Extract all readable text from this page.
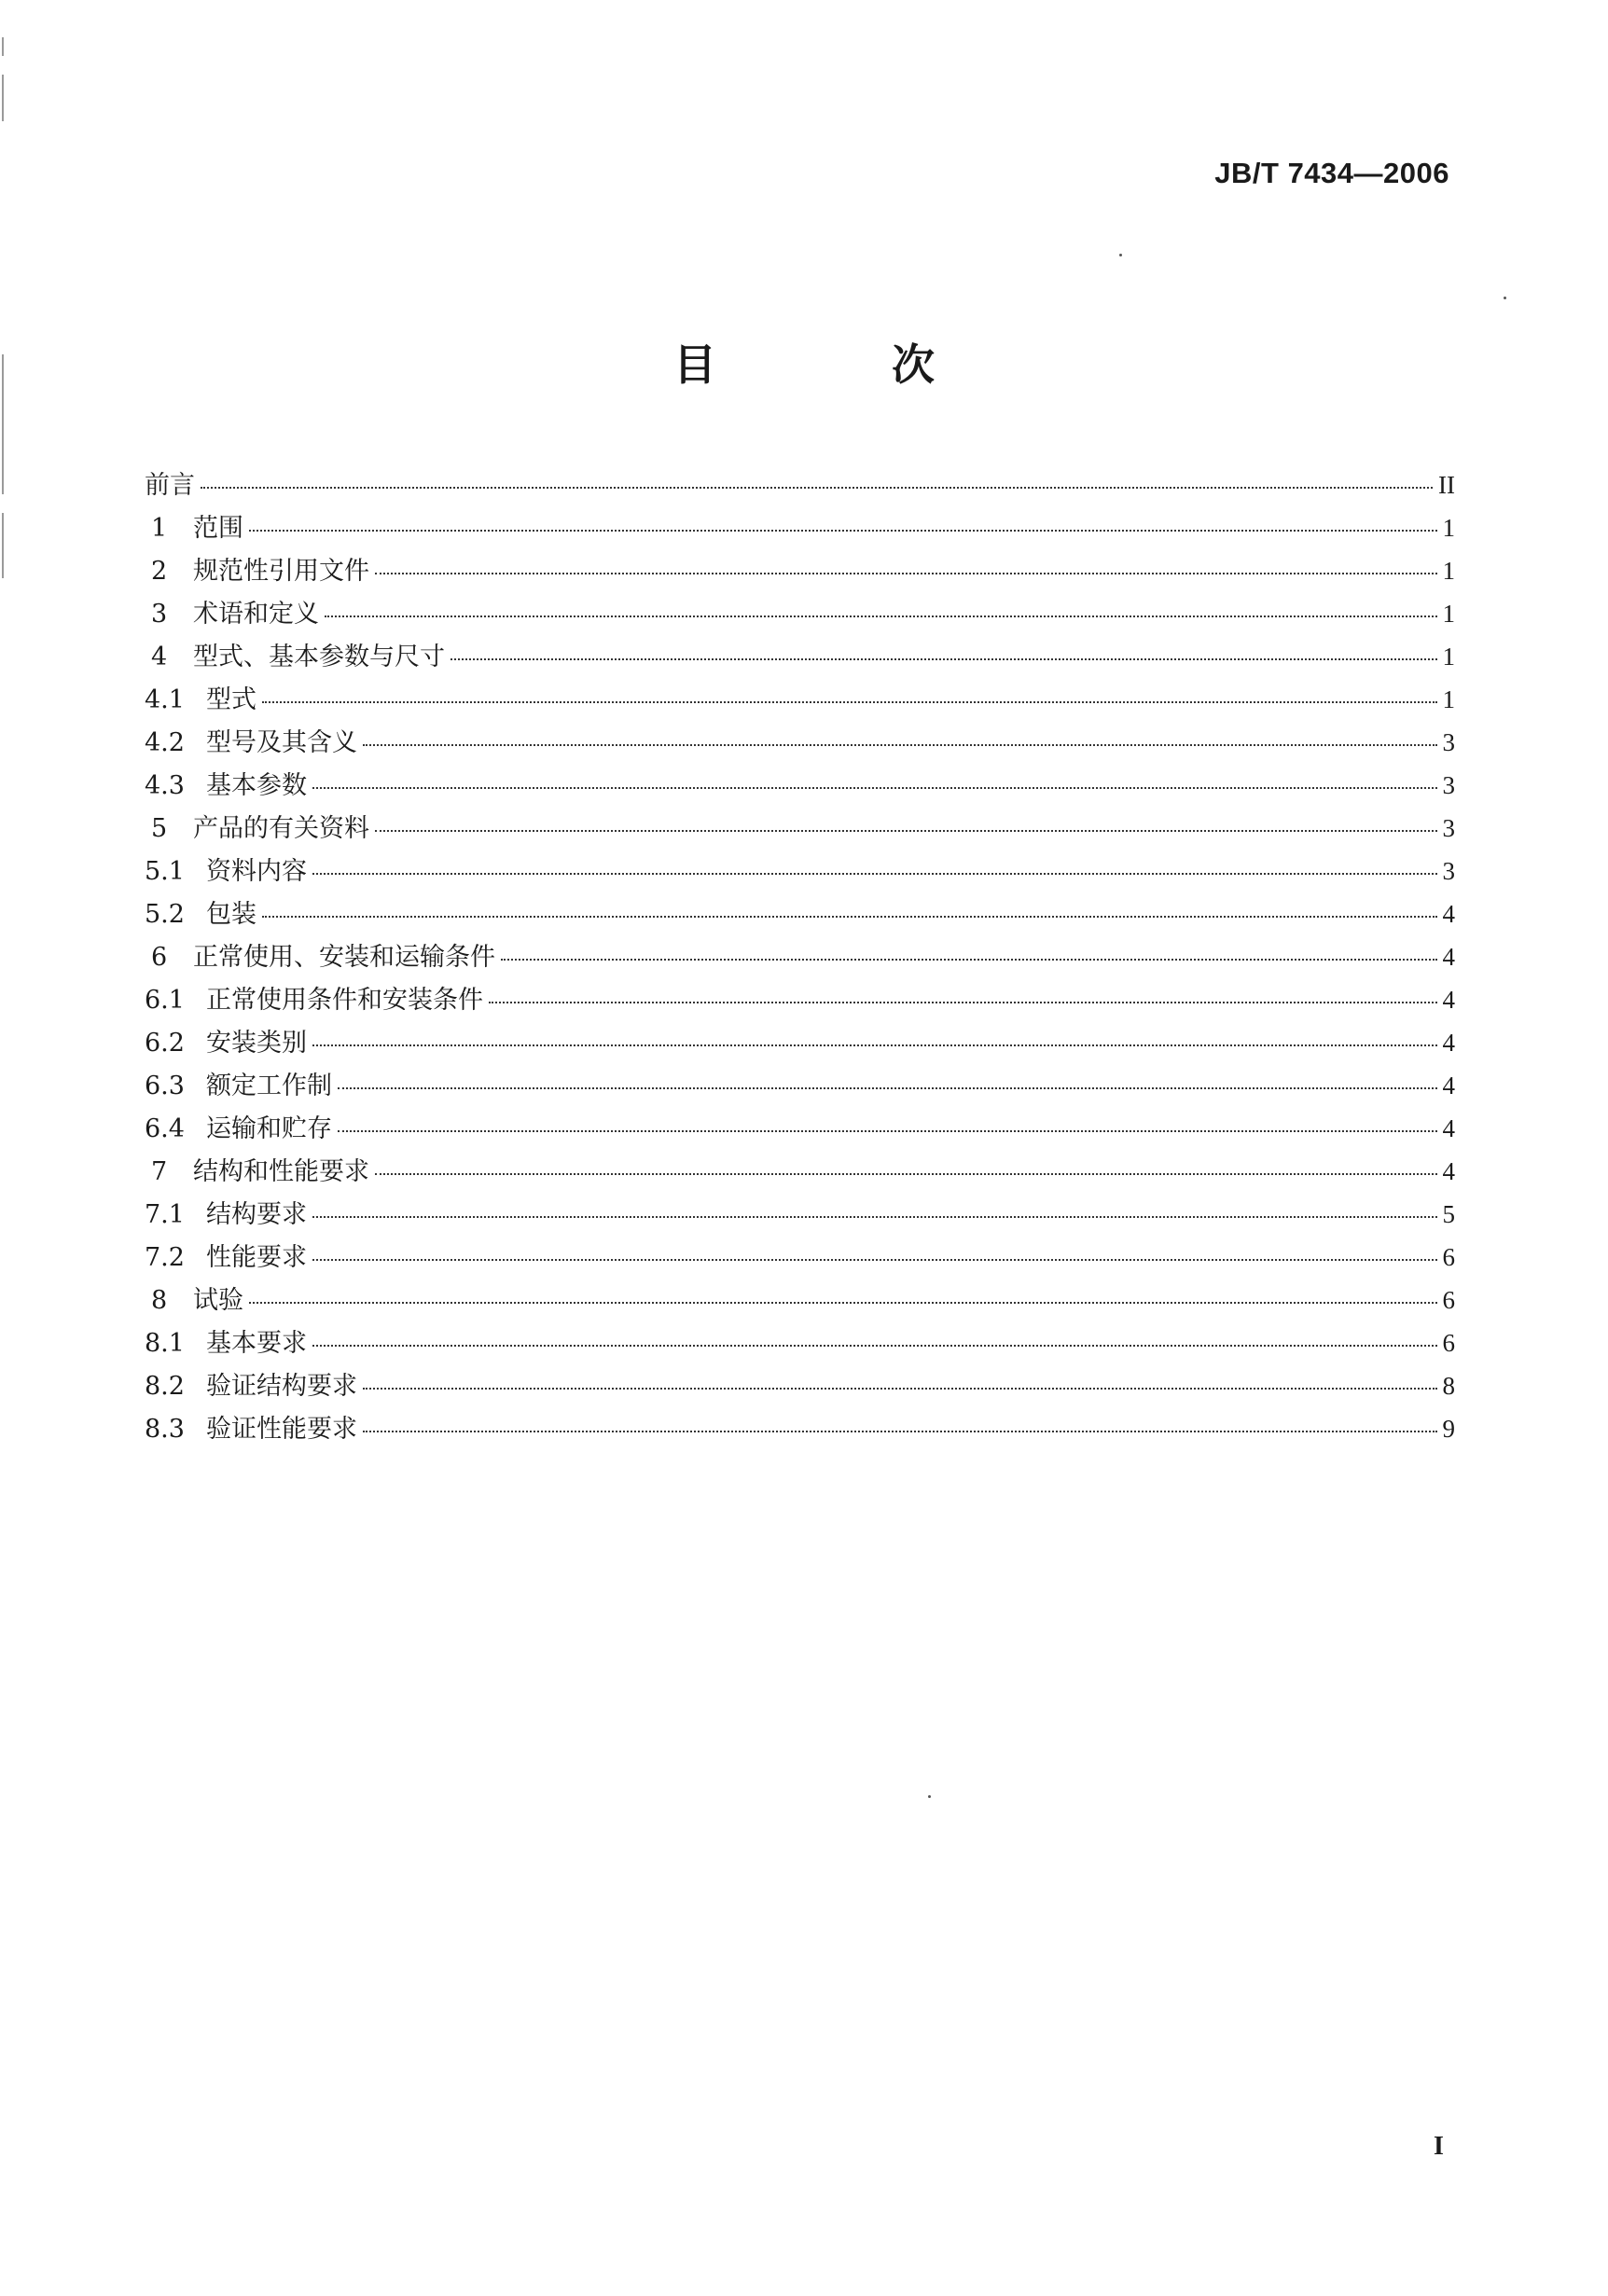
JB/T 7434—2006
目 次
前言	II
1	范围	1
2	规范性引用文件	1
3	术语和定义	1
4	型式、基本参数与尺寸	1
4.1 型式	1
4.2 型号及其含义	3
4.3 基本参数	3
5	产品的有关资料	3
5.1 资料内容	3
5.2 包装	4
6	正常使用、安装和运输条件	4
6.1 正常使用条件和安装条件	4
6.2 安装类别	4
6.3 额定工作制	4
6.4 运输和贮存	4
7	结构和性能要求	4
7.1 结构要求	5
7.2 性能要求	6
8	试验	6
8.1 基本要求	6
8.2 验证结构要求	8
8.3 验证性能要求	9
I
